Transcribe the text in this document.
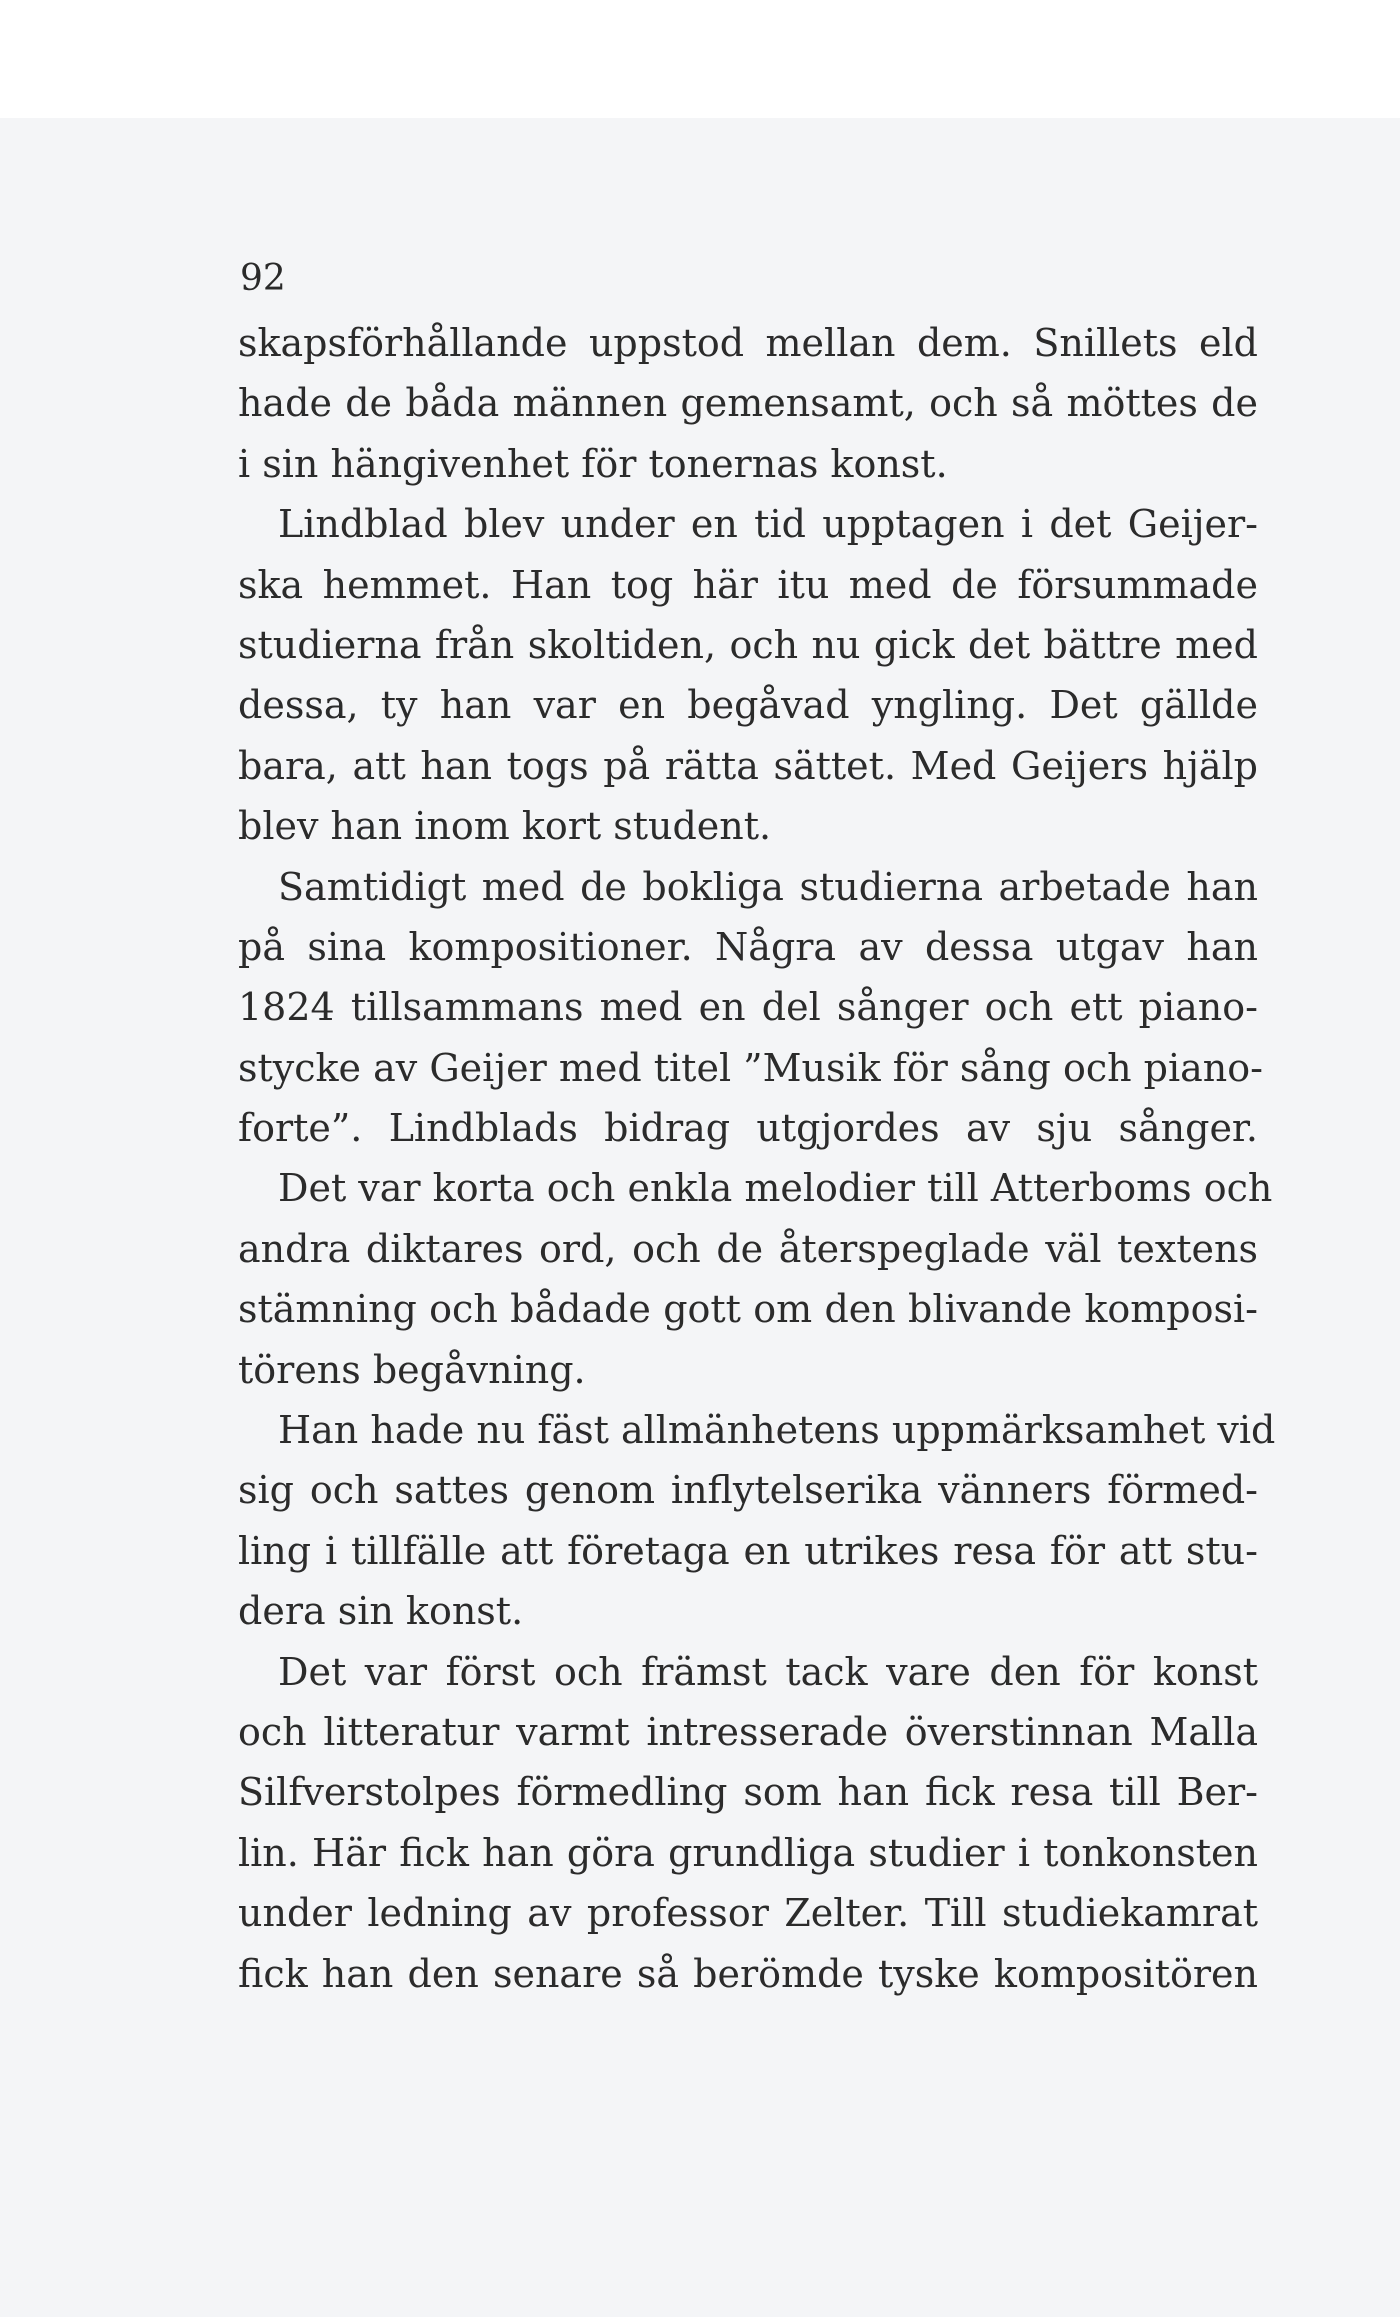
92

skapsförhållande uppstod mellan dem. Snillets eld
hade de båda männen gemensamt, och så möttes de
i sin hängivenhet för tonernas konst.
Lindblad blev under en tid upptagen i det Geijer-
ska hemmet. Han tog här itu med de försummade
studierna från skoltiden, och nu gick det bättre med
dessa, ty han var en begåvad yngling. Det gällde
bara, att han togs på rätta sättet. Med Geijers hjälp
blev han inom kort student.
Samtidigt med de bokliga studierna arbetade han
på sina kompositioner. Några av dessa utgav han
1824 tillsammans med en del sånger och ett piano-
stycke av Geijer med titel ”Musik för sång och piano-
forte”. Lindblads bidrag utgjordes av sju sånger.
Det var korta och enkla melodier till Atterboms och
andra diktares ord, och de återspeglade väl textens
stämning och bådade gott om den blivande komposi-
törens begåvning.
Han hade nu fäst allmänhetens uppmärksamhet vid
sig och sattes genom inflytelserika vänners förmed-
ling i tillfälle att företaga en utrikes resa för att stu-
dera sin konst.
Det var först och främst tack vare den för konst
och litteratur varmt intresserade överstinnan Malla
Silfverstolpes förmedling som han fick resa till Ber-
lin. Här fick han göra grundliga studier i tonkonsten
under ledning av professor Zelter. Till studiekamrat
fick han den senare så berömde tyske kompositören
